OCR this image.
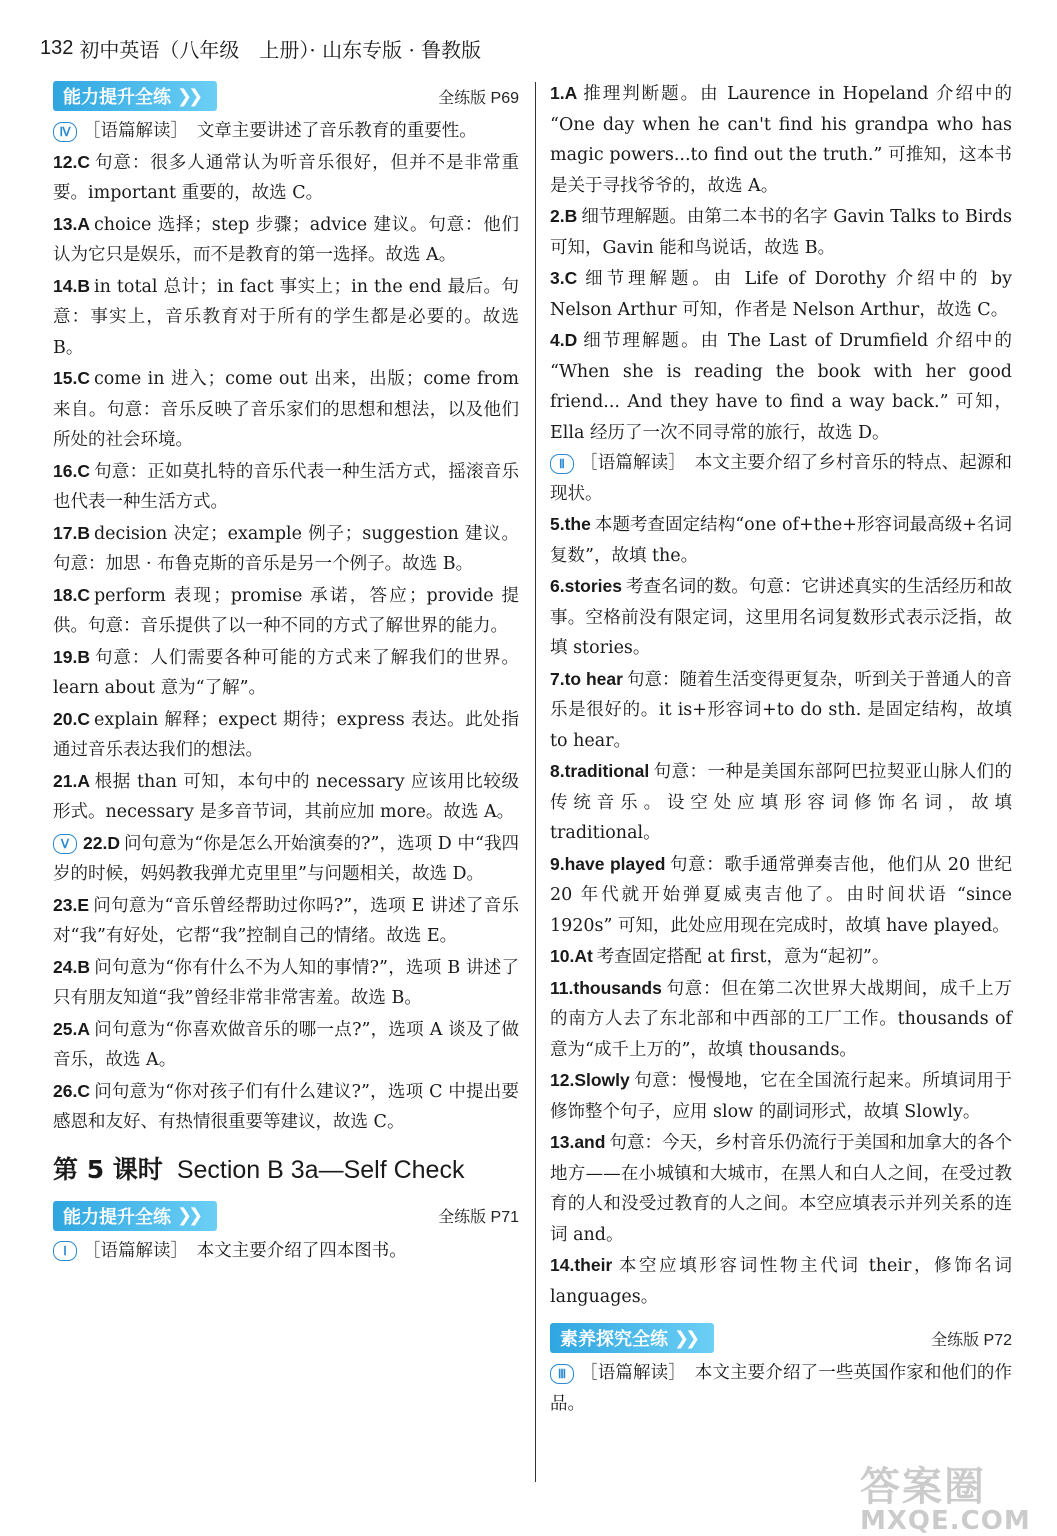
132 初中英语（八年级　上册）· 山东专版 · 鲁教版
能力提升全练 ❯❯	全练版 P69

Ⅳ ［语篇解读］　文章主要讲述了音乐教育的重要性。

12.C 句意：很多人通常认为听音乐很好，但并不是非常重要。important 重要的，故选 C。

13.A choice 选择；step 步骤；advice 建议。句意：他们认为它只是娱乐，而不是教育的第一选择。故选 A。

14.B in total 总计；in fact 事实上；in the end 最后。句意：事实上，音乐教育对于所有的学生都是必要的。故选 B。

15.C come in 进入；come out 出来，出版；come from 来自。句意：音乐反映了音乐家们的思想和想法，以及他们所处的社会环境。

16.C 句意：正如莫扎特的音乐代表一种生活方式，摇滚音乐也代表一种生活方式。

17.B decision 决定；example 例子；suggestion 建议。句意：加思 · 布鲁克斯的音乐是另一个例子。故选 B。

18.C perform 表现；promise 承诺，答应；provide 提供。句意：音乐提供了以一种不同的方式了解世界的能力。

19.B 句意：人们需要各种可能的方式来了解我们的世界。learn about 意为“了解”。

20.C explain 解释；expect 期待；express 表达。此处指通过音乐表达我们的想法。

21.A 根据 than 可知，本句中的 necessary 应该用比较级形式。necessary 是多音节词，其前应加 more。故选 A。

Ⅴ 22.D 问句意为“你是怎么开始演奏的?”，选项 D 中“我四岁的时候，妈妈教我弹尤克里里”与问题相关，故选 D。

23.E 问句意为“音乐曾经帮助过你吗?”，选项 E 讲述了音乐对“我”有好处，它帮“我”控制自己的情绪。故选 E。

24.B 问句意为“你有什么不为人知的事情?”，选项 B 讲述了只有朋友知道“我”曾经非常非常害羞。故选 B。

25.A 问句意为“你喜欢做音乐的哪一点?”，选项 A 谈及了做音乐，故选 A。

26.C 问句意为“你对孩子们有什么建议?”，选项 C 中提出要感恩和友好、有热情很重要等建议，故选 C。

第 5 课时 Section B 3a—Self Check
能力提升全练 ❯❯	全练版 P71

Ⅰ ［语篇解读］　本文主要介绍了四本图书。

1.A 推理判断题。由 Laurence in Hopeland 介绍中的 “One day when he can't find his grandpa who has magic powers...to find out the truth.” 可推知，这本书是关于寻找爷爷的，故选 A。

2.B 细节理解题。由第二本书的名字 Gavin Talks to Birds 可知，Gavin 能和鸟说话，故选 B。

3.C 细节理解题。由 Life of Dorothy 介绍中的 by Nelson Arthur 可知，作者是 Nelson Arthur，故选 C。

4.D 细节理解题。由 The Last of Drumfield 介绍中的 “When she is reading the book with her good friend... And they have to find a way back.” 可知，Ella 经历了一次不同寻常的旅行，故选 D。

Ⅱ ［语篇解读］　本文主要介绍了乡村音乐的特点、起源和现状。

5.the 本题考查固定结构“one of+the+形容词最高级+名词复数”，故填 the。

6.stories 考查名词的数。句意：它讲述真实的生活经历和故事。空格前没有限定词，这里用名词复数形式表示泛指，故填 stories。

7.to hear 句意：随着生活变得更复杂，听到关于普通人的音乐是很好的。it is+形容词+to do sth. 是固定结构，故填 to hear。

8.traditional 句意：一种是美国东部阿巴拉契亚山脉人们的传统音乐。设空处应填形容词修饰名词，故填 traditional。

9.have played 句意：歌手通常弹奏吉他，他们从 20 世纪 20 年代就开始弹夏威夷吉他了。由时间状语 “since 1920s” 可知，此处应用现在完成时，故填 have played。

10.At 考查固定搭配 at first，意为“起初”。

11.thousands 句意：但在第二次世界大战期间，成千上万的南方人去了东北部和中西部的工厂工作。thousands of 意为“成千上万的”，故填 thousands。

12.Slowly 句意：慢慢地，它在全国流行起来。所填词用于修饰整个句子，应用 slow 的副词形式，故填 Slowly。

13.and 句意：今天，乡村音乐仍流行于美国和加拿大的各个地方——在小城镇和大城市，在黑人和白人之间，在受过教育的人和没受过教育的人之间。本空应填表示并列关系的连词 and。

14.their 本空应填形容词性物主代词 their，修饰名词 languages。

素养探究全练 ❯❯	全练版 P72

Ⅲ ［语篇解读］　本文主要介绍了一些英国作家和他们的作品。

答案圈
MXQE.COM
